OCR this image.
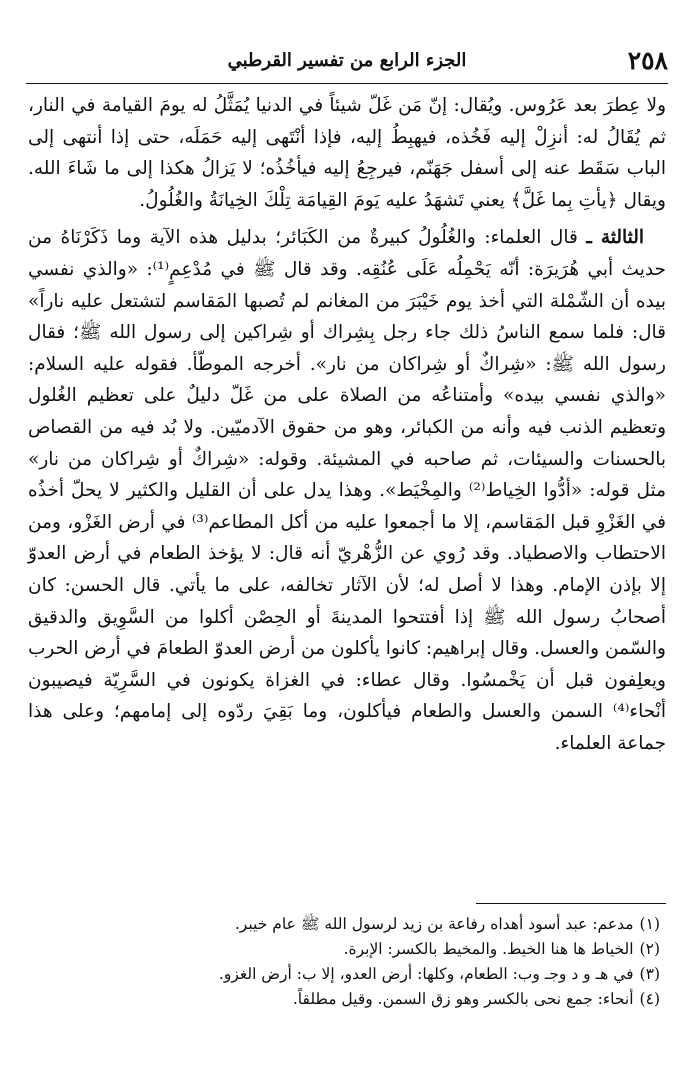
٢٥٨
الجزء الرابع من تفسير القرطبي

ولا عِطرَ بعد عَرُوس. ويُقال: إنّ مَن غَلّ شيئاً في الدنيا يُمَثَّلُ له يومَ القيامة في النار، ثم يُقَالُ له: أنزِلْ إليه فَخُذه، فيهبِطُ إليه، فإذا أنْتَهى إليه حَمَلَه، حتى إذا أنتهى إلى الباب سَقَط عنه إلى أسفل جَهَنّم، فيرجِعُ إليه فيأخُذُه؛ لا يَزالُ هكذا إلى ما شَاءَ الله. ويقال ﴿يأتِ بِما غَلَّ﴾ يعني تَشهَدُ عليه يَومَ القِيامَة تِلْكَ الخِيانَةُ والغُلُولُ.

الثالثة ـ قال العلماء: والغُلُولُ كبيرةٌ من الكَبَائر؛ بدليل هذه الآية وما ذَكَرْنَاهُ من حديث أبي هُرَيرَة: أنّه يَحْمِلُه عَلَى عُنُقِه. وقد قال ﷺ في مُدْعِمٍ⁽¹⁾: «والذي نفسي بيده أن الشّمْلة التي أخذ يوم خَيْبَرَ من المغانم لم تُصبها المَقاسم لتشتعل عليه ناراً» قال: فلما سمع الناسُ ذلك جاء رجل بِشِراك أو شِراكين إلى رسول الله ﷺ؛ فقال رسول الله ﷺ: «شِراكٌ أو شِراكان من نار». أخرجه الموطّأ. فقوله عليه السلام: «والذي نفسي بيده» وأمتناعُه من الصلاة على من غَلّ دليلٌ على تعظيم الغُلول وتعظيم الذنب فيه وأنه من الكبائر، وهو من حقوق الآدميّين. ولا بُد فيه من القصاص بالحسنات والسيئات، ثم صاحبه في المشيئة. وقوله: «شِراكٌ أو شِراكان من نار» مثل قوله: «أدُّوا الخِياط⁽²⁾ والمِخْيَط». وهذا يدل على أن القليل والكثير لا يحلّ أخذُه في الغَزْوِ قبل المَقاسم، إلا ما أجمعوا عليه من أكل المطاعم⁽³⁾ في أرض الغَزْو، ومن الاحتطاب والاصطياد. وقد رُوي عن الزُّهْريّ أنه قال: لا يؤخذ الطعام في أرض العدوّ إلا بإذن الإمام. وهذا لا أصل له؛ لأن الآثار تخالفه، على ما يأتي. قال الحسن: كان أصحابُ رسول الله ﷺ إذا أفتتحوا المدينةَ أو الحِصْن أكلوا من السَّوِيق والدقيق والسّمن والعسل. وقال إبراهيم: كانوا يأكلون من أرض العدوّ الطعامَ في أرض الحرب ويعلِفون قبل أن يَخْمسُوا. وقال عطاء: في الغزاة يكونون في السَّرِيّة فيصيبون أنْحاء⁽⁴⁾ السمن والعسل والطعام فيأكلون، وما بَقِيَ ردّوه إلى إمامهم؛ وعلى هذا جماعة العلماء.

(١)مدعم: عبد أسود أهداه رفاعة بن زيد لرسول الله ﷺ عام خيبر.
(٢)الخياط ها هنا الخيط. والمخيط بالكسر: الإبرة.
(٣)في هـ و د وجـ وب: الطعام، وكلها: أرض العدو، إلا ب: أرض الغزو.
(٤)أنحاء: جمع نحى بالكسر وهو زق السمن. وقيل مطلقاً.
